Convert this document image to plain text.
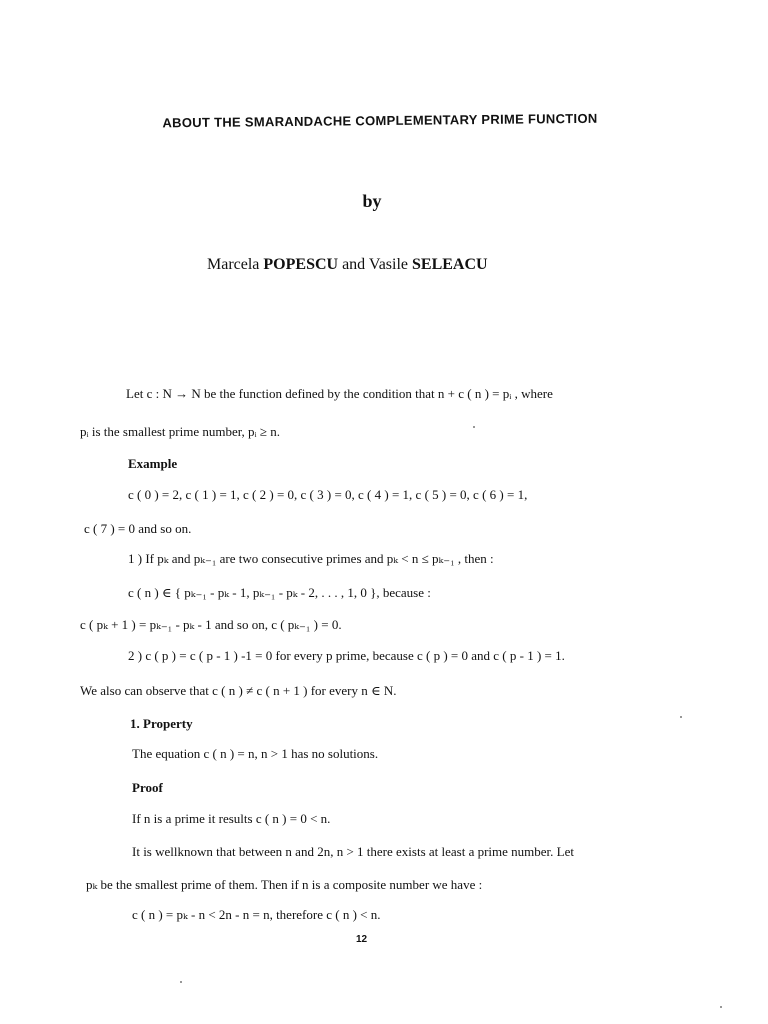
ABOUT THE SMARANDACHE COMPLEMENTARY PRIME FUNCTION
by
Marcela POPESCU and Vasile SELEACU
Let c : N → N be the function defined by the condition that n + c ( n ) = pᵢ , where
pᵢ is the smallest prime number, pᵢ ≥ n.
Example
c ( 0 ) = 2, c ( 1 ) = 1, c ( 2 ) = 0, c ( 3 ) = 0, c ( 4 ) = 1, c ( 5 ) = 0, c ( 6 ) = 1,
c ( 7 ) = 0 and so on.
1 ) If pₖ and pₖ₋₁ are two consecutive primes and pₖ < n ≤ pₖ₋₁ , then :
c ( n ) ∈ { pₖ₋₁ - pₖ - 1, pₖ₋₁ - pₖ - 2, . . . , 1, 0 }, because :
c ( pₖ + 1 ) = pₖ₋₁ - pₖ - 1 and so on, c ( pₖ₋₁ ) = 0.
2 ) c ( p ) = c ( p - 1 ) -1 = 0 for every p prime, because c ( p ) = 0 and c ( p - 1 ) = 1.
We also can observe that c ( n ) ≠ c ( n + 1 ) for every n ∈ N.
1. Property
The equation c ( n ) = n, n > 1 has no solutions.
Proof
If n is a prime it results c ( n ) = 0 < n.
It is wellknown that between n and 2n, n > 1 there exists at least a prime number. Let
pₖ be the smallest prime of them. Then if n is a composite number we have :
c ( n ) = pₖ - n < 2n - n = n, therefore c ( n ) < n.
12
